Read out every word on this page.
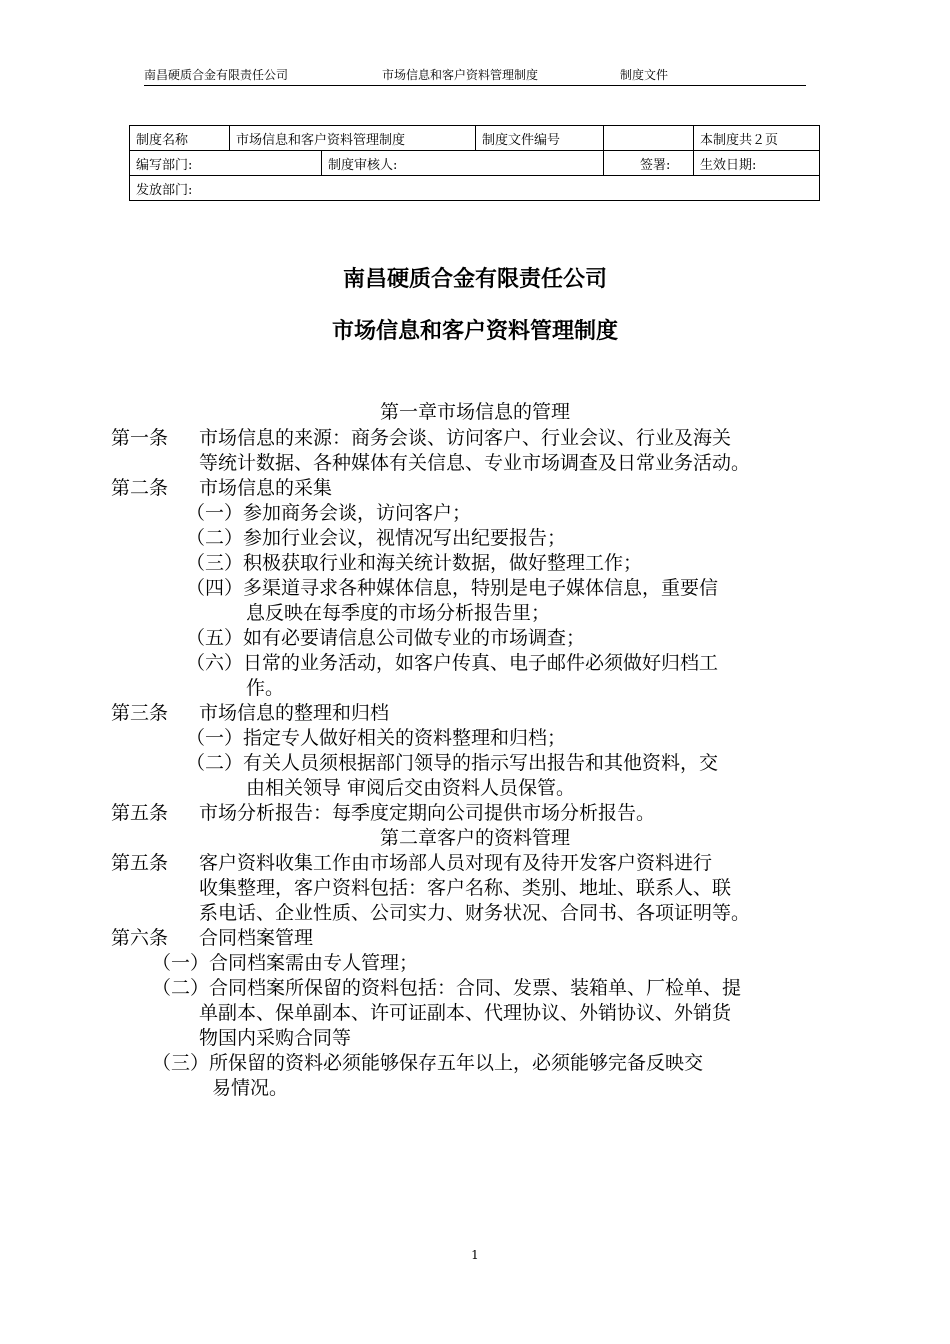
南昌硬质合金有限责任公司	市场信息和客户资料管理制度	制度文件
制度名称	市场信息和客户资料管理制度		制度文件编号		本制度共２页
编写部门:		制度审核人:		签署:	生效日期:
发放部门:					
南昌硬质合金有限责任公司
市场信息和客户资料管理制度
第一章市场信息的管理
第一条 市场信息的来源：商务会谈、访问客户、行业会议、行业及海关
等统计数据、各种媒体有关信息、专业市场调查及日常业务活动。
第二条 市场信息的采集
（一）参加商务会谈，访问客户；
（二）参加行业会议，视情况写出纪要报告；
（三）积极获取行业和海关统计数据，做好整理工作；
（四）多渠道寻求各种媒体信息，特别是电子媒体信息，重要信
息反映在每季度的市场分析报告里；
（五）如有必要请信息公司做专业的市场调查；
（六）日常的业务活动，如客户传真、电子邮件必须做好归档工
作。
第三条 市场信息的整理和归档
（一）指定专人做好相关的资料整理和归档；
（二）有关人员须根据部门领导的指示写出报告和其他资料，交
由相关领导 审阅后交由资料人员保管。
第五条 市场分析报告：每季度定期向公司提供市场分析报告。
第二章客户的资料管理
第五条 客户资料收集工作由市场部人员对现有及待开发客户资料进行
收集整理，客户资料包括：客户名称、类别、地址、联系人、联
系电话、企业性质、公司实力、财务状况、合同书、各项证明等。
第六条 合同档案管理
（一）合同档案需由专人管理；
（二）合同档案所保留的资料包括：合同、发票、装箱单、厂检单、提
单副本、保单副本、许可证副本、代理协议、外销协议、外销货
物国内采购合同等
（三）所保留的资料必须能够保存五年以上，必须能够完备反映交
易情况。
1
